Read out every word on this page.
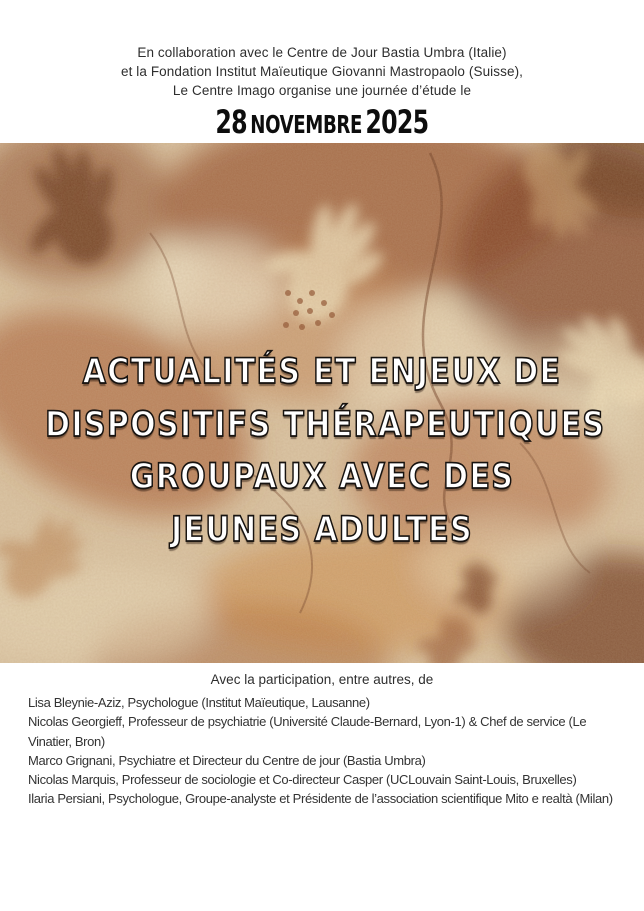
En collaboration avec le Centre de Jour Bastia Umbra (Italie)

et la Fondation Institut Maïeutique Giovanni Mastropaolo (Suisse),

Le Centre Imago organise une journée d’étude le

28 NOVEMBRE 2025
ACTUALITÉS ET ENJEUX DE
DISPOSITIFS THÉRAPEUTIQUES
GROUPAUX AVEC DES
JEUNES ADULTES

Avec la participation, entre autres, de

Lisa Bleynie-Aziz, Psychologue (Institut Maïeutique, Lausanne)

Nicolas Georgieff, Professeur de psychiatrie (Université Claude-Bernard, Lyon-1) & Chef de service (Le Vinatier, Bron)

Marco Grignani, Psychiatre et Directeur du Centre de jour (Bastia Umbra)

Nicolas Marquis, Professeur de sociologie et Co-directeur Casper (UCLouvain Saint-Louis, Bruxelles)

Ilaria Persiani, Psychologue, Groupe-analyste et Présidente de l’association scientifique Mito e realtà (Milan)
